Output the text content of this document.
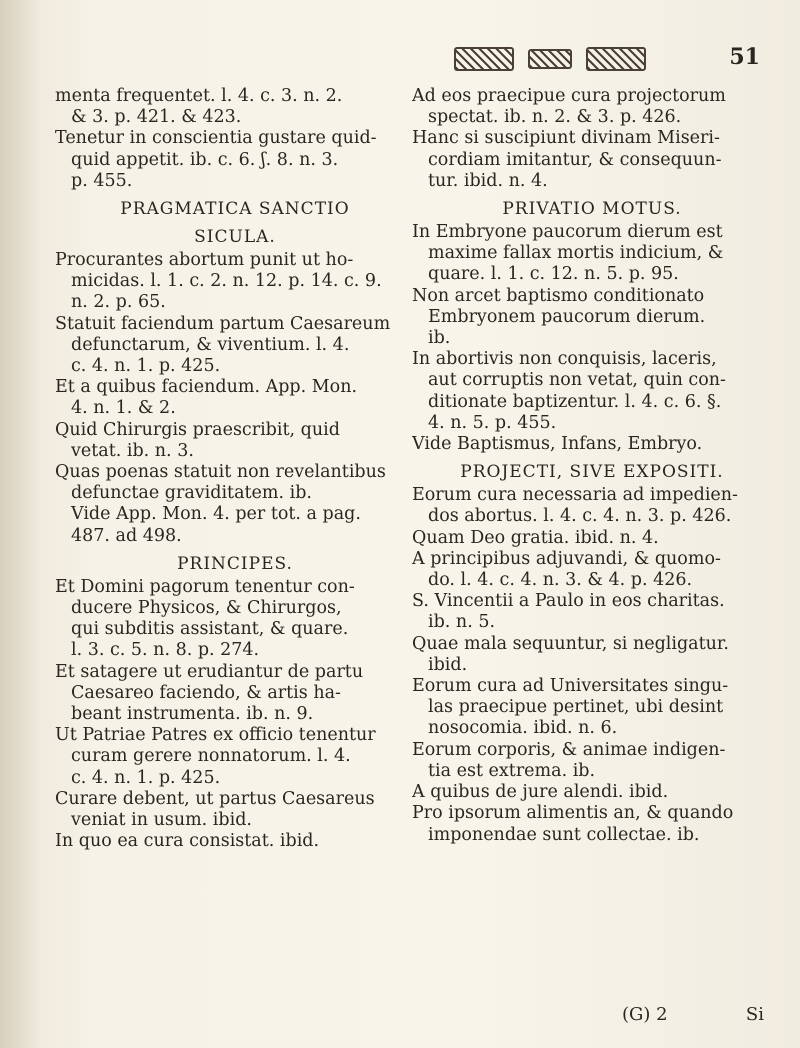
51
menta frequentet. l. 4. c. 3. n. 2.
& 3. p. 421. & 423.
Tenetur in conscientia gustare quid-
quid appetit. ib. c. 6. ʃ. 8. n. 3.
p. 455.
PRAGMATICA SANCTIO
SICULA.
Procurantes abortum punit ut ho-
micidas. l. 1. c. 2. n. 12. p. 14. c. 9.
n. 2. p. 65.
Statuit faciendum partum Caesareum
defunctarum, & viventium. l. 4.
c. 4. n. 1. p. 425.
Et a quibus faciendum. App. Mon.
4. n. 1. & 2.
Quid Chirurgis praescribit, quid
vetat. ib. n. 3.
Quas poenas statuit non revelantibus
defunctae graviditatem. ib.
Vide App. Mon. 4. per tot. a pag.
487. ad 498.
PRINCIPES.
Et Domini pagorum tenentur con-
ducere Physicos, & Chirurgos,
qui subditis assistant, & quare.
l. 3. c. 5. n. 8. p. 274.
Et satagere ut erudiantur de partu
Caesareo faciendo, & artis ha-
beant instrumenta. ib. n. 9.
Ut Patriae Patres ex officio tenentur
curam gerere nonnatorum. l. 4.
c. 4. n. 1. p. 425.
Curare debent, ut partus Caesareus
veniat in usum. ibid.
In quo ea cura consistat. ibid.
Ad eos praecipue cura projectorum
spectat. ib. n. 2. & 3. p. 426.
Hanc si suscipiunt divinam Miseri-
cordiam imitantur, & consequun-
tur. ibid. n. 4.
PRIVATIO MOTUS.
In Embryone paucorum dierum est
maxime fallax mortis indicium, &
quare. l. 1. c. 12. n. 5. p. 95.
Non arcet baptismo conditionato
Embryonem paucorum dierum.
ib.
In abortivis non conquisis, laceris,
aut corruptis non vetat, quin con-
ditionate baptizentur. l. 4. c. 6. §.
4. n. 5. p. 455.
Vide Baptismus, Infans, Embryo.
PROJECTI, SIVE EXPOSITI.
Eorum cura necessaria ad impedien-
dos abortus. l. 4. c. 4. n. 3. p. 426.
Quam Deo gratia. ibid. n. 4.
A principibus adjuvandi, & quomo-
do. l. 4. c. 4. n. 3. & 4. p. 426.
S. Vincentii a Paulo in eos charitas.
ib. n. 5.
Quae mala sequuntur, si negligatur.
ibid.
Eorum cura ad Universitates singu-
las praecipue pertinet, ubi desint
nosocomia. ibid. n. 6.
Eorum corporis, & animae indigen-
tia est extrema. ib.
A quibus de jure alendi. ibid.
Pro ipsorum alimentis an, & quando
imponendae sunt collectae. ib.
(G) 2	Si
